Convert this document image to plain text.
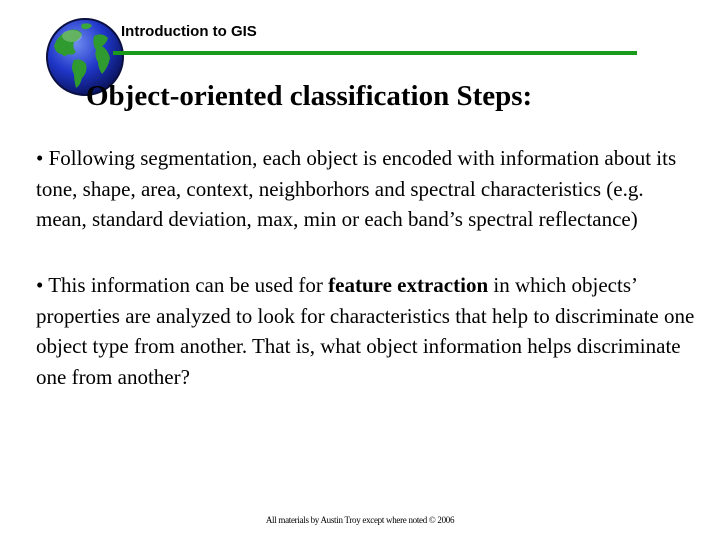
Introduction to GIS
Object-oriented classification Steps:
• Following segmentation, each object is encoded with information about its tone, shape, area, context, neighborhors and spectral characteristics (e.g. mean, standard deviation, max, min or each band’s spectral reflectance)
• This information can be used for feature extraction in which objects’ properties are analyzed to look for characteristics that help to discriminate one object type from another. That is, what object information helps discriminate one from another?
All materials by Austin Troy except where noted © 2006
